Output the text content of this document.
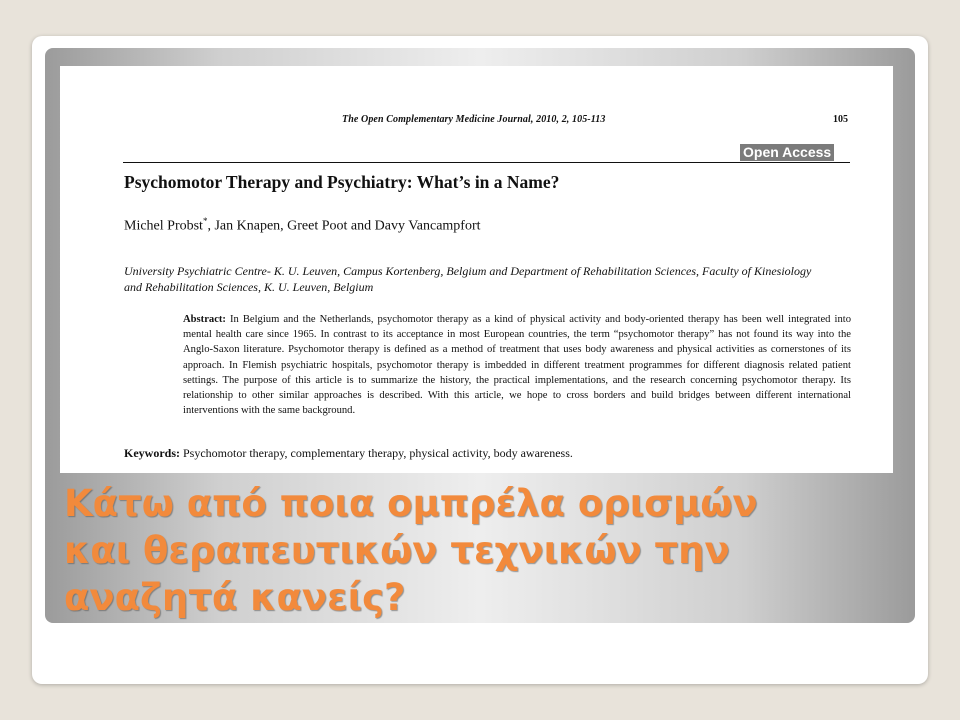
The Open Complementary Medicine Journal, 2010, 2, 105-113	105
Open Access
Psychomotor Therapy and Psychiatry: What’s in a Name?
Michel Probst*, Jan Knapen, Greet Poot and Davy Vancampfort
University Psychiatric Centre- K. U. Leuven, Campus Kortenberg, Belgium and Department of Rehabilitation Sciences, Faculty of Kinesiology and Rehabilitation Sciences, K. U. Leuven, Belgium
Abstract: In Belgium and the Netherlands, psychomotor therapy as a kind of physical activity and body-oriented therapy has been well integrated into mental health care since 1965. In contrast to its acceptance in most European countries, the term “psychomotor therapy” has not found its way into the Anglo-Saxon literature. Psychomotor therapy is defined as a method of treatment that uses body awareness and physical activities as cornerstones of its approach. In Flemish psychiatric hospitals, psychomotor therapy is imbedded in different treatment programmes for different diagnosis related patient settings. The purpose of this article is to summarize the history, the practical implementations, and the research concerning psychomotor therapy. Its relationship to other similar approaches is described. With this article, we hope to cross borders and build bridges between different international interventions with the same background.
Keywords: Psychomotor therapy, complementary therapy, physical activity, body awareness.
Κάτω από ποια ομπρέλα ορισμών
και θεραπευτικών τεχνικών την
αναζητά κανείς?
